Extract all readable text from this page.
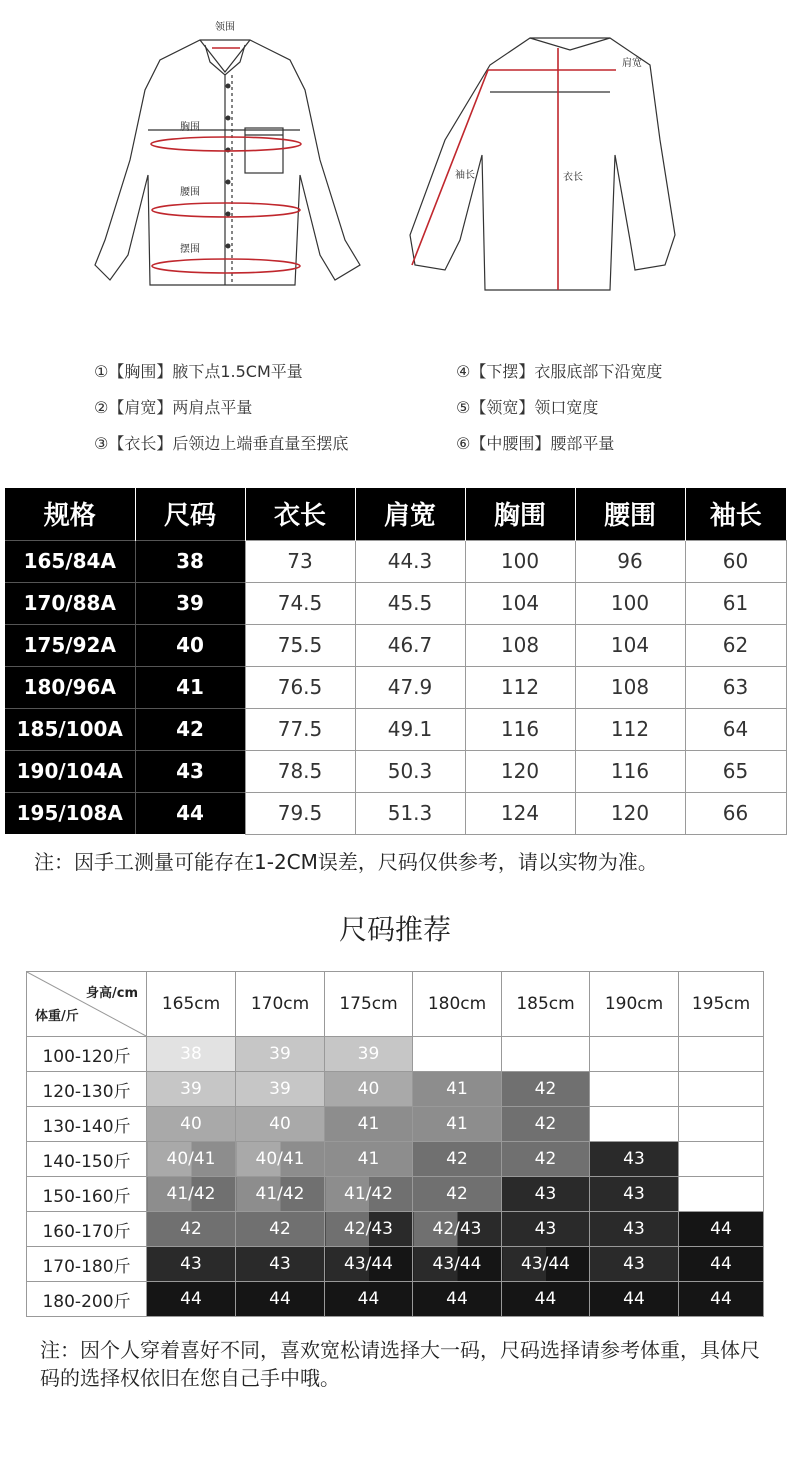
领围
胸围
腰围
摆围
肩宽
袖长	衣长
①【胸围】腋下点1.5CM平量	④【下摆】衣服底部下沿宽度
②【肩宽】两肩点平量	⑤【领宽】领口宽度
③【衣长】后领边上端垂直量至摆底	⑥【中腰围】腰部平量
规格	尺码	衣长	肩宽	胸围	腰围	袖长
165/84A	38	73	44.3	100	96	60
170/88A	39	74.5	45.5	104	100	61
175/92A	40	75.5	46.7	108	104	62
180/96A	41	76.5	47.9	112	108	63
185/100A	42	77.5	49.1	116	112	64
190/104A	43	78.5	50.3	120	116	65
195/108A	44	79.5	51.3	124	120	66
注：因手工测量可能存在1-2CM误差，尺码仅供参考，请以实物为准。
尺码推荐
身高/cm
体重/斤	165cm	170cm	175cm	180cm	185cm	190cm	195cm
100-120斤	38	39	39				
120-130斤	39	39	40	41	42		
130-140斤	40	40	41	41	42		
140-150斤	40/41	40/41	41	42	42	43	
150-160斤	41/42	41/42	41/42	42	43	43	
160-170斤	42	42	42/43	42/43	43	43	44
170-180斤	43	43	43/44	43/44	43/44	43	44
180-200斤	44	44	44	44	44	44	44
注：因个人穿着喜好不同，喜欢宽松请选择大一码，尺码选择请参考体重，具体尺码的选择权依旧在您自己手中哦。
